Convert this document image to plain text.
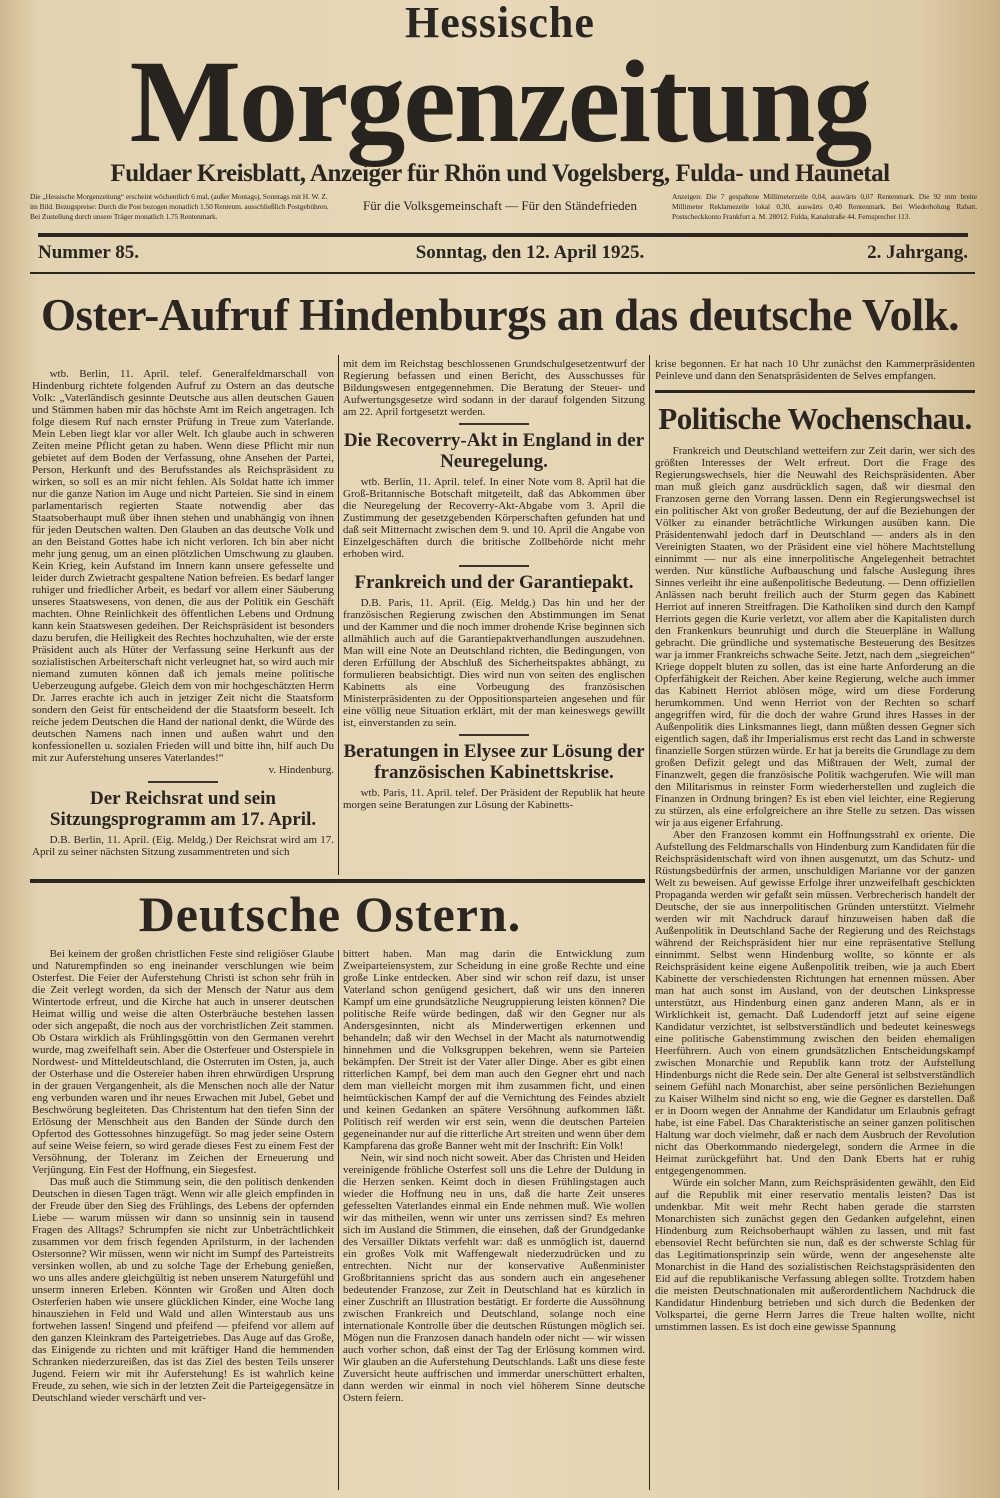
Hessische
Morgenzeitung
Fuldaer Kreisblatt, Anzeiger für Rhön und Vogelsberg, Fulda- und Haunetal
Die „Hessische Morgenzeitung“ erscheint wöchentlich 6 mal, (außer Montags), Sonntags mit H. W. Z. im Bild. Bezugspreise: Durch die Post bezogen monatlich 1.50 Rentenm. ausschließlich Postgebühren. Bei Zustellung durch unsere Träger monatlich 1.75 Rentenmark.
Für die Volksgemeinschaft — Für den Ständefrieden
Anzeigen: Die 7 gespaltene Millimeterzeile 0,04, auswärts 0,07 Rentenmark. Die 92 mm breite Millimeter Reklamezeile lokal 0,30, auswärts 0,40 Rentenmark. Bei Wiederholung Rabatt. Postscheckkonto Frankfurt a. M. 28012. Fulda, Kanalstraße 44. Fernsprecher 113.
Nummer 85.	Sonntag, den 12. April 1925.	2. Jahrgang.
Oster-Aufruf Hindenburgs an das deutsche Volk.

wtb. Berlin, 11. April. telef. Generalfeldmarschall von Hindenburg richtete folgenden Aufruf zu Ostern an das deutsche Volk: „Vaterländisch gesinnte Deutsche aus allen deutschen Gauen und Stämmen haben mir das höchste Amt im Reich angetragen. Ich folge diesem Ruf nach ernster Prüfung in Treue zum Vaterlande. Mein Leben liegt klar vor aller Welt. Ich glaube auch in schweren Zeiten meine Pflicht getan zu haben. Wenn diese Pflicht mir nun gebietet auf dem Boden der Verfassung, ohne Ansehen der Partei, Person, Herkunft und des Berufsstandes als Reichspräsident zu wirken, so soll es an mir nicht fehlen. Als Soldat hatte ich immer nur die ganze Nation im Auge und nicht Parteien. Sie sind in einem parlamentarisch regierten Staate notwendig aber das Staatsoberhaupt muß über ihnen stehen und unabhängig von ihnen für jeden Deutschen walten. Den Glauben an das deutsche Volk und an den Beistand Gottes habe ich nicht verloren. Ich bin aber nicht mehr jung genug, um an einen plötzlichen Umschwung zu glauben. Kein Krieg, kein Aufstand im Innern kann unsere gefesselte und leider durch Zwietracht gespaltene Nation befreien. Es bedarf langer ruhiger und friedlicher Arbeit, es bedarf vor allem einer Säuberung unseres Staatswesens, von denen, die aus der Politik ein Geschäft machten. Ohne Reinlichkeit des öffentlichen Lebens und Ordnung kann kein Staatswesen gedeihen. Der Reichspräsident ist besonders dazu berufen, die Heiligkeit des Rechtes hochzuhalten, wie der erste Präsident auch als Hüter der Verfassung seine Herkunft aus der sozialistischen Arbeiterschaft nicht verleugnet hat, so wird auch mir niemand zumuten können daß ich jemals meine politische Ueberzeugung aufgebe. Gleich dem von mir hochgeschätzten Herrn Dr. Jarres erachte ich auch in jetziger Zeit nicht die Staatsform sondern den Geist für entscheidend der die Staatsform beseelt. Ich reiche jedem Deutschen die Hand der national denkt, die Würde des deutschen Namens nach innen und außen wahrt und den konfessionellen u. sozialen Frieden will und bitte ihn, hilf auch Du mit zur Auferstehung unseres Vaterlandes!“

v. Hindenburg.
Der Reichsrat und sein Sitzungsprogramm am 17. April.

D.B. Berlin, 11. April. (Eig. Meldg.) Der Reichsrat wird am 17. April zu seiner nächsten Sitzung zusammentreten und sich

mit dem im Reichstag beschlossenen Grundschulgesetzentwurf der Regierung befassen und einen Bericht, des Ausschusses für Bildungswesen entgegennehmen. Die Beratung der Steuer- und Aufwertungsgesetze wird sodann in der darauf folgenden Sitzung am 22. April fortgesetzt werden.

Die Recoverry-Akt in England in der Neuregelung.

wtb. Berlin, 11. April. telef. In einer Note vom 8. April hat die Groß-Britannische Botschaft mitgeteilt, daß das Abkommen über die Neuregelung der Recoverry-Akt-Abgabe vom 3. April die Zustimmung der gesetzgebenden Körperschaften gefunden hat und daß seit Mitternacht zwischen dem 9. und 10. April die Angabe von Einzelgeschäften durch die britische Zollbehörde nicht mehr erhoben wird.

Frankreich und der Garantiepakt.

D.B. Paris, 11. April. (Eig. Meldg.) Das hin und her der französischen Regierung zwischen den Abstimmungen im Senat und der Kammer und die noch immer drohende Krise beginnen sich allmählich auch auf die Garantiepaktverhandlungen auszudehnen. Man will eine Note an Deutschland richten, die Bedingungen, von deren Erfüllung der Abschluß des Sicherheitspaktes abhängt, zu formulieren beabsichtigt. Dies wird nun von seiten des englischen Kabinetts als eine Vorbeugung des französischen Ministerpräsidenten zu der Oppositionsparteien angesehen und für eine völlig neue Situation erklärt, mit der man keineswegs gewillt ist, einverstanden zu sein.

Beratungen in Elysee zur Lösung der französischen Kabinettskrise.

wtb. Paris, 11. April. telef. Der Präsident der Republik hat heute morgen seine Beratungen zur Lösung der Kabinetts-

krise begonnen. Er hat nach 10 Uhr zunächst den Kammerpräsidenten Peinleve und dann den Senatspräsidenten de Selves empfangen.

Politische Wochenschau.

Frankreich und Deutschland wetteifern zur Zeit darin, wer sich des größten Interesses der Welt erfreut. Dort die Frage des Regierungswechsels, hier die Neuwahl des Reichspräsidenten. Aber man muß gleich ganz ausdrücklich sagen, daß wir diesmal den Franzosen gerne den Vorrang lassen. Denn ein Regierungswechsel ist ein politischer Akt von großer Bedeutung, der auf die Beziehungen der Völker zu einander beträchtliche Wirkungen ausüben kann. Die Präsidentenwahl jedoch darf in Deutschland — anders als in den Vereinigten Staaten, wo der Präsident eine viel höhere Machtstellung einnimmt — nur als eine innerpolitische Angelegenheit betrachtet werden. Nur künstliche Aufbauschung und falsche Auslegung ihres Sinnes verleiht ihr eine außenpolitische Bedeutung. — Denn offiziellen Anlässen nach beruht freilich auch der Sturm gegen das Kabinett Herriot auf inneren Streitfragen. Die Katholiken sind durch den Kampf Herriots gegen die Kurie verletzt, vor allem aber die Kapitalisten durch den Frankenkurs beunruhigt und durch die Steuerpläne in Wallung gebracht. Die gründliche und systematische Besteuerung des Besitzes war ja immer Frankreichs schwache Seite. Jetzt, nach dem „siegreichen“ Kriege doppelt bluten zu sollen, das ist eine harte Anforderung an die Opferfähigkeit der Reichen. Aber keine Regierung, welche auch immer das Kabinett Herriot ablösen möge, wird um diese Forderung herumkommen. Und wenn Herriot von der Rechten so scharf angegriffen wird, für die doch der wahre Grund ihres Hasses in der Außenpolitik dies Linksmannes liegt, dann müßten dessen Gegner sich eigentlich sagen, daß ihr Imperialismus erst recht das Land in schwerste finanzielle Sorgen stürzen würde. Er hat ja bereits die Grundlage zu dem großen Defizit gelegt und das Mißtrauen der Welt, zumal der Finanzwelt, gegen die französische Politik wachgerufen. Wie will man den Militarismus in reinster Form wiederherstellen und zugleich die Finanzen in Ordnung bringen? Es ist eben viel leichter, eine Regierung zu stürzen, als eine erfolgreichere an ihre Stelle zu setzen. Das wissen wir ja aus eigener Erfahrung.

Aber den Franzosen kommt ein Hoffnungsstrahl ex oriente. Die Aufstellung des Feldmarschalls von Hindenburg zum Kandidaten für die Reichspräsidentschaft wird von ihnen ausgenutzt, um das Schutz- und Rüstungsbedürfnis der armen, unschuldigen Marianne vor der ganzen Welt zu beweisen. Auf gewisse Erfolge ihrer unzweifelhaft geschickten Propaganda werden wir gefaßt sein müssen. Verbrecherisch handelt der Deutsche, der sie aus innerpolitischen Gründen unterstützt. Vielmehr werden wir mit Nachdruck darauf hinzuweisen haben daß die Außenpolitik in Deutschland Sache der Regierung und des Reichstags während der Reichspräsident hier nur eine repräsentative Stellung einnimmt. Selbst wenn Hindenburg wollte, so könnte er als Reichspräsident keine eigene Außenpolitik treiben, wie ja auch Ebert Kabinette der verschiedensten Richtungen hat ernennen müssen. Aber man hat auch sonst im Ausland, von der deutschen Linkspresse unterstützt, aus Hindenburg einen ganz anderen Mann, als er in Wirklichkeit ist, gemacht. Daß Ludendorff jetzt auf seine eigene Kandidatur verzichtet, ist selbstverständlich und bedeutet keineswegs eine politische Gabenstimmung zwischen den beiden ehemaligen Heerführern. Auch von einem grundsätzlichen Entscheidungskampf zwischen Monarchie und Republik kann trotz der Aufstellung Hindenburgs nicht die Rede sein. Der alte General ist selbstverständlich seinem Gefühl nach Monarchist, aber seine persönlichen Beziehungen zu Kaiser Wilhelm sind nicht so eng, wie die Gegner es darstellen. Daß er in Doorn wegen der Annahme der Kandidatur um Erlaubnis gefragt habe, ist eine Fabel. Das Charakteristische an seiner ganzen politischen Haltung war doch vielmehr, daß er nach dem Ausbruch der Revolution nicht das Oberkommando niedergelegt, sondern die Armee in die Heimat zurückgeführt hat. Und den Dank Eberts hat er ruhig entgegengenommen.

Würde ein solcher Mann, zum Reichspräsidenten gewählt, den Eid auf die Republik mit einer reservatio mentalis leisten? Das ist undenkbar. Mit weit mehr Recht haben gerade die starrsten Monarchisten sich zunächst gegen den Gedanken aufgelehnt, einen Hindenburg zum Reichsoberhaupt wählen zu lassen, und mit fast ebensoviel Recht befürchten sie nun, daß es der schwerste Schlag für das Legitimationsprinzip sein würde, wenn der angesehenste alte Monarchist in die Hand des sozialistischen Reichstagspräsidenten den Eid auf die republikanische Verfassung ablegen sollte. Trotzdem haben die meisten Deutschnationalen mit außerordentlichem Nachdruck die Kandidatur Hindenburg betrieben und sich durch die Bedenken der Volkspartei, die gerne Herrn Jarres die Treue halten wollte, nicht umstimmen lassen. Es ist doch eine gewisse Spannung

Deutsche Ostern.

Bei keinem der großen christlichen Feste sind religiöser Glaube und Naturempfinden so eng ineinander verschlungen wie beim Osterfest. Die Feier der Auferstehung Christi ist schon sehr früh in die Zeit verlegt worden, da sich der Mensch der Natur aus dem Wintertode erfreut, und die Kirche hat auch in unserer deutschen Heimat willig und weise die alten Osterbräuche bestehen lassen oder sich angepaßt, die noch aus der vorchristlichen Zeit stammen. Ob Ostara wirklich als Frühlingsgöttin von den Germanen verehrt wurde, mag zweifelhaft sein. Aber die Osterfeuer und Osterspiele in Nordwest- und Mitteldeutschland, die Osterruten im Osten, ja, auch der Osterhase und die Ostereier haben ihren ehrwürdigen Ursprung in der grauen Vergangenheit, als die Menschen noch alle der Natur eng verbunden waren und ihr neues Erwachen mit Jubel, Gebet und Beschwörung begleiteten. Das Christentum hat den tiefen Sinn der Erlösung der Menschheit aus den Banden der Sünde durch den Opfertod des Gottessohnes hinzugefügt. So mag jeder seine Ostern auf seine Weise feiern, so wird gerade dieses Fest zu einem Fest der Versöhnung, der Toleranz im Zeichen der Erneuerung und Verjüngung. Ein Fest der Hoffnung, ein Siegesfest.

Das muß auch die Stimmung sein, die den politisch denkenden Deutschen in diesen Tagen trägt. Wenn wir alle gleich empfinden in der Freude über den Sieg des Frühlings, des Lebens der opfernden Liebe — warum müssen wir dann so unsinnig sein in tausend Fragen des Alltags? Schrumpfen sie nicht zur Unbeträchtlichkeit zusammen vor dem frisch fegenden Aprilsturm, in der lachenden Ostersonne? Wir müssen, wenn wir nicht im Sumpf des Parteistreits versinken wollen, ab und zu solche Tage der Erhebung genießen, wo uns alles andere gleichgültig ist neben unserem Naturgefühl und unserm inneren Erleben. Könnten wir Großen und Alten doch Osterferien haben wie unsere glücklichen Kinder, eine Woche lang hinausziehen in Feld und Wald und allen Winterstaub aus uns fortwehen lassen! Singend und pfeifend — pfeifend vor allem auf den ganzen Kleinkram des Parteigetriebes. Das Auge auf das Große, das Einigende zu richten und mit kräftiger Hand die hemmenden Schranken niederzureißen, das ist das Ziel des besten Teils unserer Jugend. Feiern wir mit ihr Auferstehung! Es ist wahrlich keine Freude, zu sehen, wie sich in der letzten Zeit die Parteigegensätze in Deutschland wieder verschärft und ver-

bittert haben. Man mag darin die Entwicklung zum Zweiparteiensystem, zur Scheidung in eine große Rechte und eine große Linke entdecken. Aber sind wir schon reif dazu, ist unser Vaterland schon genügend gesichert, daß wir uns den inneren Kampf um eine grundsätzliche Neugruppierung leisten können? Die politische Reife würde bedingen, daß wir den Gegner nur als Andersgesinnten, nicht als Minderwertigen erkennen und behandeln; daß wir den Wechsel in der Macht als naturnotwendig hinnehmen und die Volksgruppen bekehren, wenn sie Parteien bekämpfen. Der Streit ist der Vater aller Dinge. Aber es gibt einen ritterlichen Kampf, bei dem man auch den Gegner ehrt und nach dem man vielleicht morgen mit ihm zusammen ficht, und einen heimtückischen Kampf der auf die Vernichtung des Feindes abzielt und keinen Gedanken an spätere Versöhnung aufkommen läßt. Politisch reif werden wir erst sein, wenn die deutschen Parteien gegeneinander nur auf die ritterliche Art streiten und wenn über dem Kampfarena das große Banner weht mit der Inschrift: Ein Volk!

Nein, wir sind noch nicht soweit. Aber das Christen und Heiden vereinigende fröhliche Osterfest soll uns die Lehre der Duldung in die Herzen senken. Keimt doch in diesen Frühlingstagen auch wieder die Hoffnung neu in uns, daß die harte Zeit unseres gefesselten Vaterlandes einmal ein Ende nehmen muß. Wie wollen wir das mitheilen, wenn wir unter uns zerrissen sind? Es mehren sich im Ausland die Stimmen, die einsehen, daß der Grundgedanke des Versailler Diktats verfehlt war: daß es unmöglich ist, dauernd ein großes Volk mit Waffengewalt niederzudrücken und zu entrechten. Nicht nur der konservative Außenminister Großbritanniens spricht das aus sondern auch ein angesehener bedeutender Franzose, zur Zeit in Deutschland hat es kürzlich in einer Zuschrift an Illustration bestätigt. Er forderte die Aussöhnung zwischen Frankreich und Deutschland, solange noch eine internationale Kontrolle über die deutschen Rüstungen möglich sei. Mögen nun die Franzosen danach handeln oder nicht — wir wissen auch vorher schon, daß einst der Tag der Erlösung kommen wird. Wir glauben an die Auferstehung Deutschlands. Laßt uns diese feste Zuversicht heute auffrischen und immerdar unerschüttert erhalten, dann werden wir einmal in noch viel höherem Sinne deutsche Ostern feiern.
